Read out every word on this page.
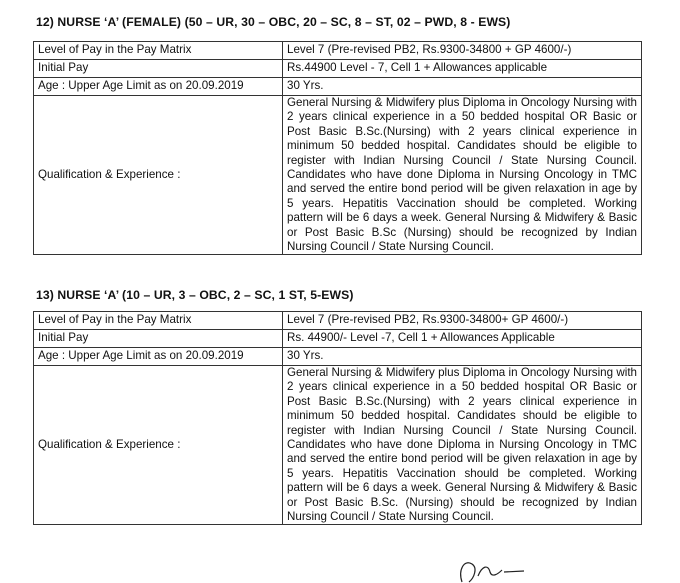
12) NURSE ‘A’ (FEMALE) (50 – UR, 30 – OBC, 20 – SC, 8 – ST, 02 – PWD, 8 - EWS)
Level of Pay in the Pay Matrix	Level 7 (Pre-revised PB2, Rs.9300-34800 + GP 4600/-)
Initial Pay	Rs.44900 Level - 7, Cell 1 + Allowances applicable
Age : Upper Age Limit as on 20.09.2019	30 Yrs.
Qualification & Experience :	General Nursing & Midwifery plus Diploma in Oncology Nursing with 2 years clinical experience in a 50 bedded hospital OR Basic or Post Basic B.Sc.(Nursing) with 2 years clinical experience in minimum 50 bedded hospital. Candidates should be eligible to register with Indian Nursing Council / State Nursing Council. Candidates who have done Diploma in Nursing Oncology in TMC and served the entire bond period will be given relaxation in age by 5 years. Hepatitis Vaccination should be completed. Working pattern will be 6 days a week. General Nursing & Midwifery & Basic or Post Basic B.Sc (Nursing) should be recognized by Indian Nursing Council / State Nursing Council.
13) NURSE ‘A’ (10 – UR, 3 – OBC, 2 – SC, 1 ST, 5-EWS)
Level of Pay in the Pay Matrix	Level 7 (Pre-revised PB2, Rs.9300-34800+ GP 4600/-)
Initial Pay	Rs. 44900/- Level -7, Cell 1 + Allowances Applicable
Age : Upper Age Limit as on 20.09.2019	30 Yrs.
Qualification & Experience :	General Nursing & Midwifery plus Diploma in Oncology Nursing with 2 years clinical experience in a 50 bedded hospital OR Basic or Post Basic B.Sc.(Nursing) with 2 years clinical experience in minimum 50 bedded hospital. Candidates should be eligible to register with Indian Nursing Council / State Nursing Council. Candidates who have done Diploma in Nursing Oncology in TMC and served the entire bond period will be given relaxation in age by 5 years. Hepatitis Vaccination should be completed. Working pattern will be 6 days a week. General Nursing & Midwifery & Basic or Post Basic B.Sc. (Nursing) should be recognized by Indian Nursing Council / State Nursing Council.
